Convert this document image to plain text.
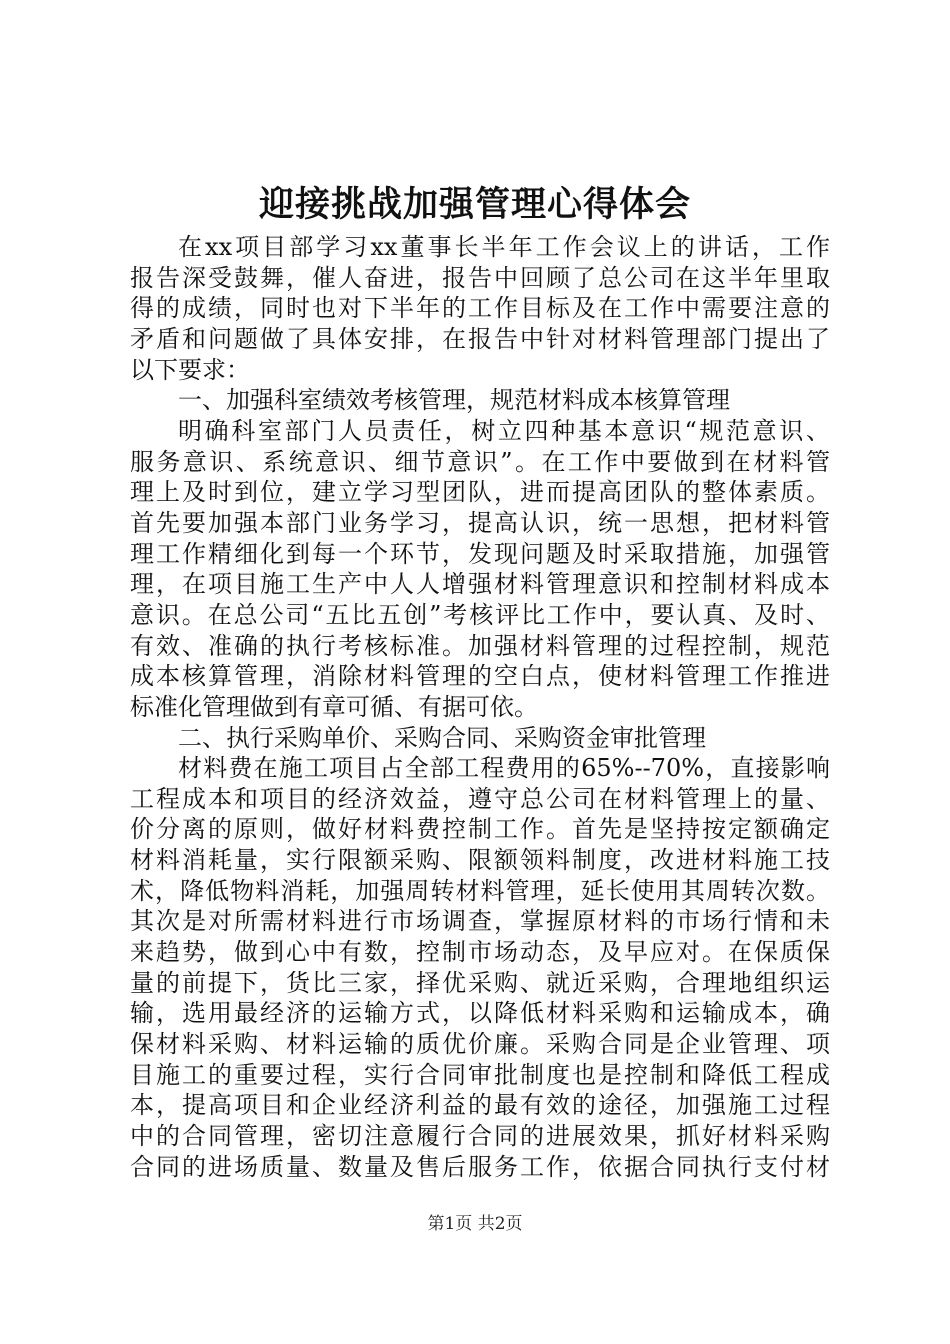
迎接挑战加强管理心得体会
在xx项目部学习xx董事长半年工作会议上的讲话，工作
报告深受鼓舞，催人奋进，报告中回顾了总公司在这半年里取
得的成绩，同时也对下半年的工作目标及在工作中需要注意的
矛盾和问题做了具体安排，在报告中针对材料管理部门提出了
以下要求：
一、加强科室绩效考核管理，规范材料成本核算管理
明确科室部门人员责任，树立四种基本意识“规范意识、
服务意识、系统意识、细节意识”。在工作中要做到在材料管
理上及时到位，建立学习型团队，进而提高团队的整体素质。
首先要加强本部门业务学习，提高认识，统一思想，把材料管
理工作精细化到每一个环节，发现问题及时采取措施，加强管
理，在项目施工生产中人人增强材料管理意识和控制材料成本
意识。在总公司“五比五创”考核评比工作中，要认真、及时、
有效、准确的执行考核标准。加强材料管理的过程控制，规范
成本核算管理，消除材料管理的空白点，使材料管理工作推进
标准化管理做到有章可循、有据可依。
二、执行采购单价、采购合同、采购资金审批管理
材料费在施工项目占全部工程费用的65%--70%，直接影响
工程成本和项目的经济效益，遵守总公司在材料管理上的量、
价分离的原则，做好材料费控制工作。首先是坚持按定额确定
材料消耗量，实行限额采购、限额领料制度，改进材料施工技
术，降低物料消耗，加强周转材料管理，延长使用其周转次数。
其次是对所需材料进行市场调查，掌握原材料的市场行情和未
来趋势，做到心中有数，控制市场动态，及早应对。在保质保
量的前提下，货比三家，择优采购、就近采购，合理地组织运
输，选用最经济的运输方式，以降低材料采购和运输成本，确
保材料采购、材料运输的质优价廉。采购合同是企业管理、项
目施工的重要过程，实行合同审批制度也是控制和降低工程成
本，提高项目和企业经济利益的最有效的途径，加强施工过程
中的合同管理，密切注意履行合同的进展效果，抓好材料采购
合同的进场质量、数量及售后服务工作，依据合同执行支付材
第1页 共2页
